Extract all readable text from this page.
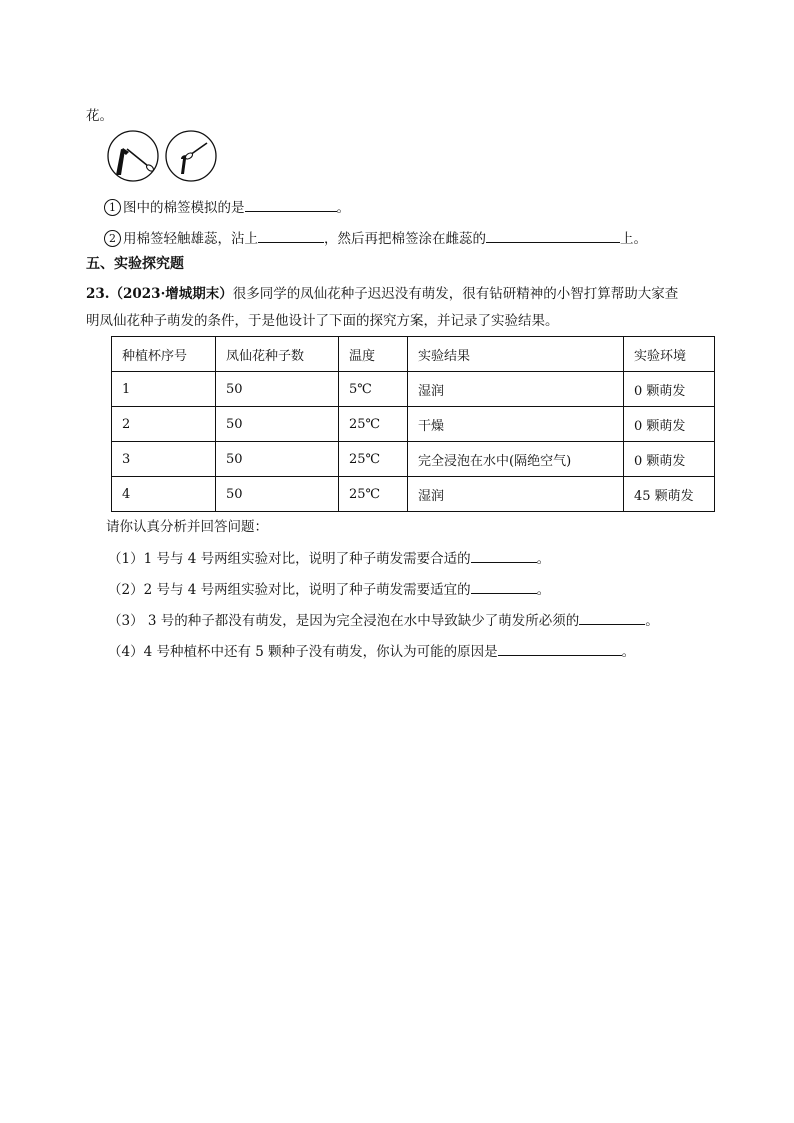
花。
1 图中的棉签模拟的是	。
2 用棉签轻触雄蕊，沾上	，然后再把棉签涂在雌蕊的	上。
五、实验探究题
23.（2023·增城期末）很多同学的凤仙花种子迟迟没有萌发，很有钻研精神的小智打算帮助大家查
明凤仙花种子萌发的条件，于是他设计了下面的探究方案，并记录了实验结果。
种植杯序号	凤仙花种子数	温度	实验结果	实验环境
1	50	5℃	湿润	0 颗萌发
2	50	25℃	干燥	0 颗萌发
3	50	25℃	完全浸泡在水中(隔绝空气)	0 颗萌发
4	50	25℃	湿润	45 颗萌发
请你认真分析并回答问题：
（1）1 号与 4 号两组实验对比，说明了种子萌发需要合适的	。
（2）2 号与 4 号两组实验对比，说明了种子萌发需要适宜的	。
（3） 3 号的种子都没有萌发，是因为完全浸泡在水中导致缺少了萌发所必须的	。
（4）4 号种植杯中还有 5 颗种子没有萌发，你认为可能的原因是	。
